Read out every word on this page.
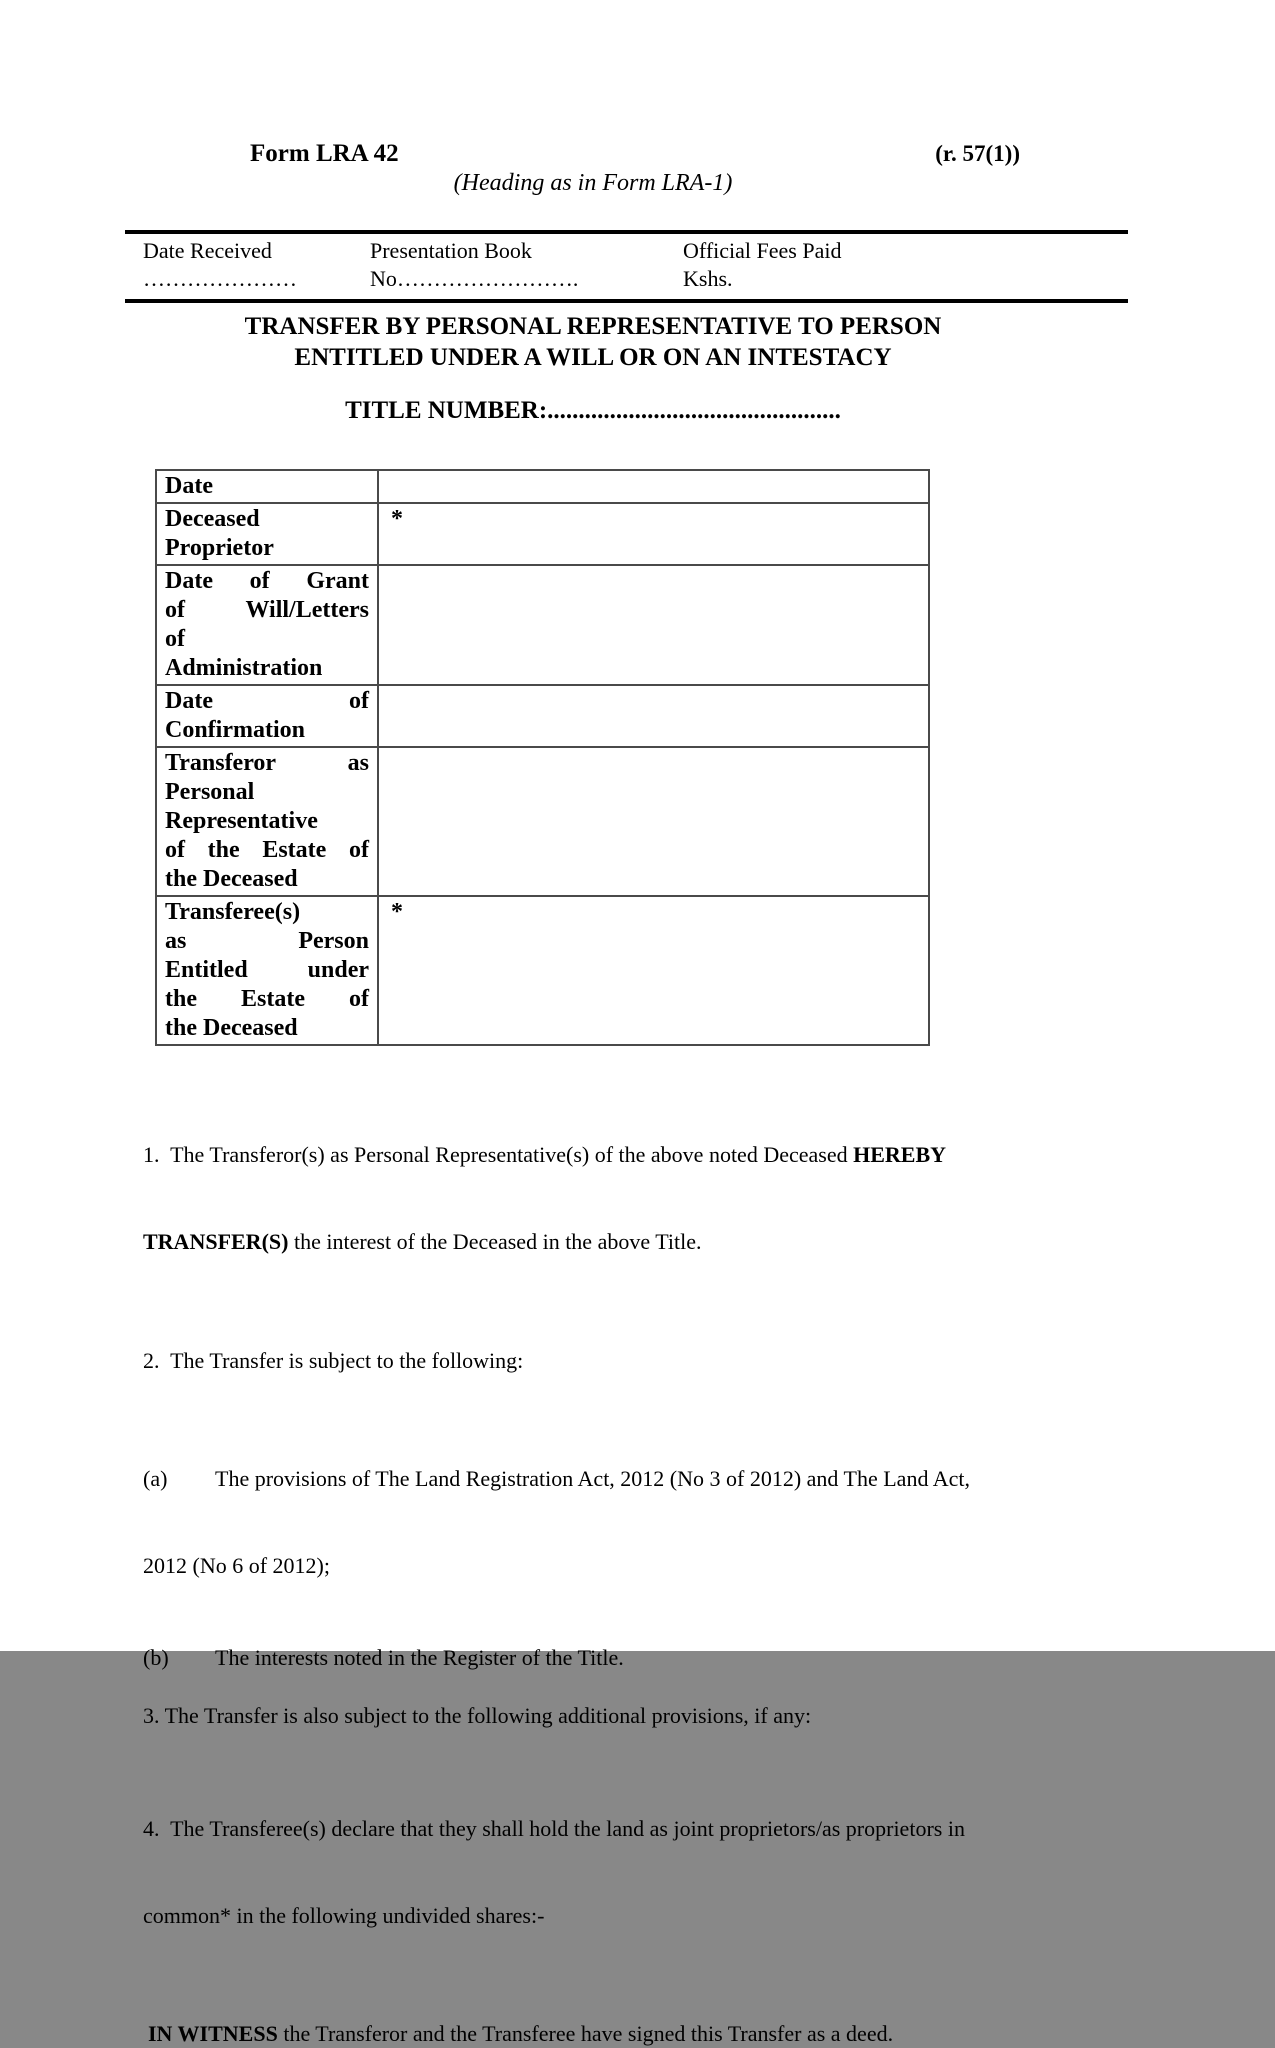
Form LRA 42	(r. 57(1))
(Heading as in Form LRA-1)
Date Received
…………………
Presentation Book
No…………………….
Official Fees Paid
Kshs.
TRANSFER BY PERSONAL REPRESENTATIVE TO PERSON
ENTITLED UNDER A WILL OR ON AN INTESTACY
TITLE NUMBER:...............................................
Date	

Deceased
Proprietor	*

Date of Grant
of Will/Letters
of
Administration	

Date of
Confirmation	

Transferor as
Personal
Representative
of the Estate of
the Deceased	

Transferee(s)
as Person
Entitled under
the Estate of
the Deceased	*

1.  The Transferor(s) as Personal Representative(s) of the above noted Deceased HEREBY

TRANSFER(S) the interest of the Deceased in the above Title.

2.  The Transfer is subject to the following:

(a)	The provisions of The Land Registration Act, 2012 (No 3 of 2012) and The Land Act,

2012 (No 6 of 2012);

(b)	The interests noted in the Register of the Title.
3. The Transfer is also subject to the following additional provisions, if any:

4.  The Transferee(s) declare that they shall hold the land as joint proprietors/as proprietors in

common* in the following undivided shares:-

IN WITNESS the Transferor and the Transferee have signed this Transfer as a deed.
